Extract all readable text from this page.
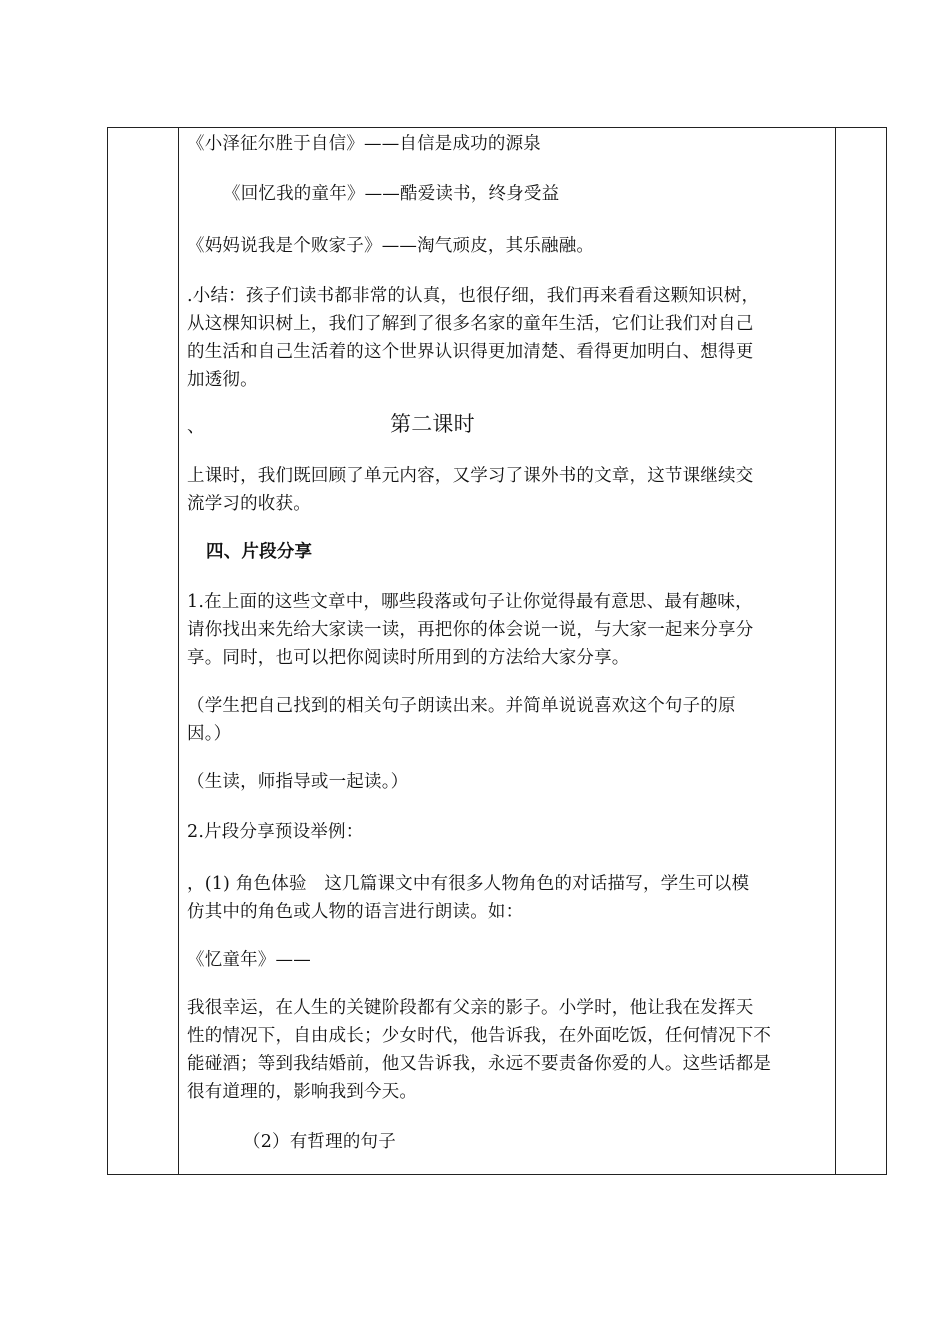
《小泽征尔胜于自信》——自信是成功的源泉
《回忆我的童年》——酷爱读书，终身受益
《妈妈说我是个败家子》——淘气顽皮，其乐融融。
.小结：孩子们读书都非常的认真，也很仔细，我们再来看看这颗知识树，
从这棵知识树上，我们了解到了很多名家的童年生活，它们让我们对自己
的生活和自己生活着的这个世界认识得更加清楚、看得更加明白、想得更
加透彻。
、	第二课时
上课时，我们既回顾了单元内容，又学习了课外书的文章，这节课继续交
流学习的收获。
四、片段分享
1.在上面的这些文章中，哪些段落或句子让你觉得最有意思、最有趣味，
请你找出来先给大家读一读，再把你的体会说一说，与大家一起来分享分
享。同时，也可以把你阅读时所用到的方法给大家分享。
（学生把自己找到的相关句子朗读出来。并简单说说喜欢这个句子的原
因。）
（生读，师指导或一起读。）
2.片段分享预设举例：
，(1) 角色体验　这几篇课文中有很多人物角色的对话描写，学生可以模
仿其中的角色或人物的语言进行朗读。如：
《忆童年》——
我很幸运，在人生的关键阶段都有父亲的影子。小学时，他让我在发挥天
性的情况下，自由成长；少女时代，他告诉我，在外面吃饭，任何情况下不
能碰酒；等到我结婚前，他又告诉我，永远不要责备你爱的人。这些话都是
很有道理的，影响我到今天。
（2）有哲理的句子
